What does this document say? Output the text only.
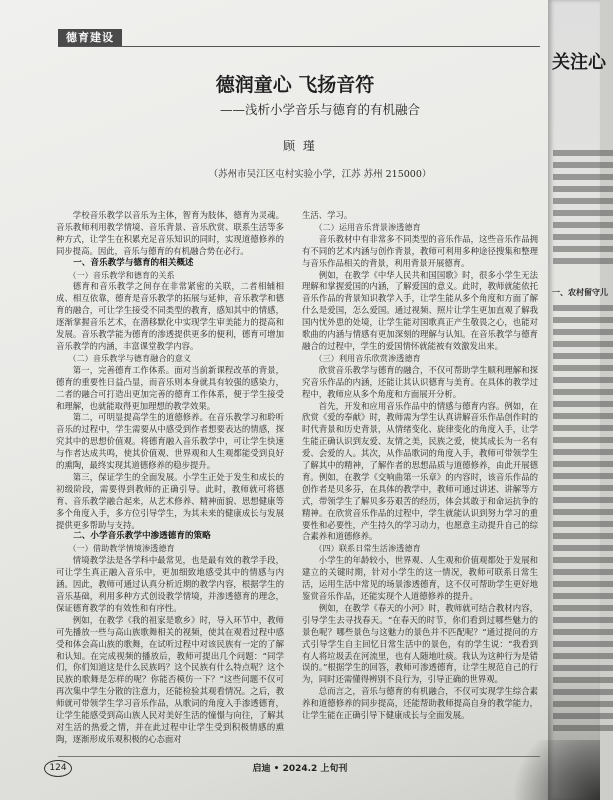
德育建设
德润童心 飞扬音符
——浅析小学音乐与德育的有机融合
顾 瑾
（苏州市吴江区屯村实验小学，江苏 苏州 215000）

学校音乐教学以音乐为主体，智育为肢体，德育为灵魂。音乐教师利用教学情境、音乐背景、音乐欣赏、联系生活等多种方式，让学生在积累充足音乐知识的同时，实现道德修养的同步提高。因此，音乐与德育的有机融合势在必行。

一、音乐教学与德育的相关概述
（一）音乐教学和德育的关系

德育和音乐教学之间存在非常紧密的关联，二者相辅相成、相互依靠，德育是音乐教学的拓展与延伸，音乐教学和德育的融合，可让学生接受不同类型的教育，感知其中的情感，逐渐掌握音乐艺术，在潜移默化中实现学生审美能力的提高和发展。音乐教学能为德育的渗透提供更多的便利，德育可增加音乐教学的内涵，丰富课堂教学内容。

（二）音乐教学与德育融合的意义

第一，完善德育工作体系。面对当前新课程改革的背景，德育的重要性日益凸显，而音乐则本身就具有较强的感染力，二者的融合可打造出更加完善的德育工作体系，便于学生接受和理解，也就能取得更加理想的教学效果。

第二，可明显提高学生的道德修养。在音乐教学习和聆听音乐的过程中，学生需要从中感受到作者想要表达的情感，探究其中的思想价值观。将德育融入音乐教学中，可让学生快速与作者达成共鸣，使其价值观、世界观和人生观都能受到良好的熏陶，最终实现其道德修养的稳步提升。

第三，保证学生的全面发展。小学生正处于发生和成长的初级阶段，需要得到教师的正确引导。此时，教师就可将德育、音乐教学融合起来，从艺术修养、精神面貌、思想健康等多个角度入手，多方位引导学生，为其未来的健康成长与发展提供更多帮助与支持。

二、小学音乐教学中渗透德育的策略
（一）借助教学情境渗透德育

情境教学法是各学科中最常见，也是最有效的教学手段，可让学生真正融入音乐中，更加细致地感受其中的情感与内涵。因此，教师可通过认真分析近期的教学内容，根据学生的音乐基础，利用多种方式创设教学情境，并渗透德育的理念，保证德育教学的有效性和有序性。

例如，在教学《我的祖家是歌乡》时，导入环节中，教师可先播放一些与高山族歌舞相关的视频，使其在观看过程中感受和体会高山族的歌舞，在试听过程中对该民族有一定的了解和认知。在完成视频的播放后，教师可提出几个问题：“同学们，你们知道这是什么民族吗？这个民族有什么特点呢？这个民族的歌舞是怎样的呢？你能否模仿一下？”这些问题不仅可再次集中学生分散的注意力，还能检验其观看情况。之后，教师就可带领学生学习音乐作品，从歌词的角度入手渗透德育，让学生能感受到高山族人民对美好生活的憧憬与向往，了解其对生活的热爱之情，并在此过程中让学生受到积极情感的熏陶，逐渐形成乐观积极的心态面对

生活、学习。

（二）运用音乐背景渗透德育

音乐教材中有非常多不同类型的音乐作品，这些音乐作品拥有不同的艺术内涵与创作背景，教师可利用多种途径搜集和整理与音乐作品相关的背景，利用背景开展德育。

例如，在教学《中华人民共和国国歌》时，很多小学生无法理解和掌握爱国的内涵，了解爱国的意义。此时，教师就能依托音乐作品的背景知识教学入手，让学生能从多个角度和方面了解什么是爱国，怎么爱国。通过视频、照片让学生更加直观了解我国内忧外患的处境，让学生能对国歌真正产生敬畏之心，也能对歌曲的内涵与情感有更加深刻的理解与认知。在音乐教学与德育融合的过程中，学生的爱国情怀就能被有效激发出来。

（三）利用音乐欣赏渗透德育

欣赏音乐教学与德育的融合，不仅可帮助学生顺利理解和探究音乐作品的内涵，还能让其认识德育与美育。在具体的教学过程中，教师应从多个角度和方面展开分析。

首先，开发和应用音乐作品中的情感与德育内容。例如，在欣赏《爱的奉献》时，教师需为学生认真讲解音乐作品创作时的时代背景和历史背景，从情绪变化、旋律变化的角度入手，让学生能正确认识到友爱、友情之美，民族之爱，使其成长为一名有爱、会爱的人。其次，从作品歌词的角度入手，教师可带领学生了解其中的精神，了解作者的思想品质与道德修养，由此开展德育。例如，在教学《交响曲第一乐章》的内容时，该音乐作品的创作者是贝多芬，在具体的教学中，教师可通过讲述、讲解等方式，带领学生了解贝多芬艰苦的经历，体会其敢于和命运抗争的精神。在欣赏音乐作品的过程中，学生就能认识到努力学习的重要性和必要性，产生持久的学习动力，也愿意主动提升自己的综合素养和道德修养。

（四）联系日常生活渗透德育

小学生的年龄较小，世界观、人生观和价值观都处于发展和建立的关键时期，针对小学生的这一情况，教师可联系日常生活，运用生活中常见的场景渗透德育，这不仅可帮助学生更好地鉴赏音乐作品，还能实现个人道德修养的提升。

例如，在教学《春天的小河》时，教师就可结合教材内容，引导学生去寻找春天。“在春天的时节，你们看到过哪些魅力的景色呢？哪些景色与这魅力的景色并不匹配呢？”通过提问的方式引导学生自主回忆日常生活中的景色，有的学生说：“我看到有人将垃圾丢在河流里，也有人随地吐痰。我认为这种行为是错误的。”根据学生的回答，教师可渗透德育，让学生规范自己的行为，同时还需懂得辨别不良行为，引导正确的世界观。

总而言之，音乐与德育的有机融合，不仅可实现学生综合素养和道德修养的同步提高，还能帮助教师提高自身的教学能力，让学生能在正确引导下健康成长与全面发展。

124	启迪 • 2024.2 上旬刊
关注心
一、农村留守儿
